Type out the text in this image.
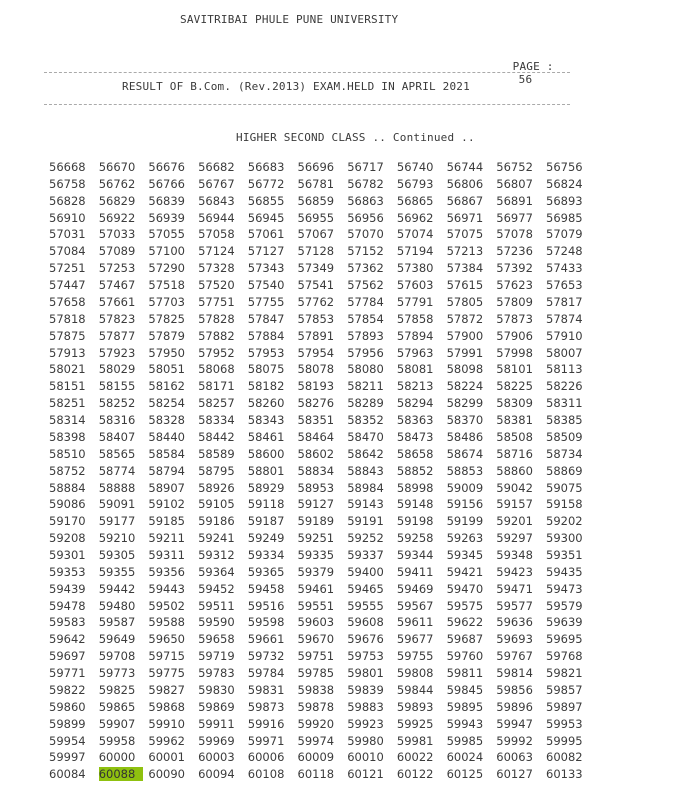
SAVITRIBAI PHULE PUNE UNIVERSITY

PAGE :
56

RESULT OF B.Com. (Rev.2013) EXAM.HELD IN APRIL 2021
HIGHER SECOND CLASS .. Continued ..
56668	56670	56676	56682	56683	56696	56717	56740	56744	56752	56756
56758	56762	56766	56767	56772	56781	56782	56793	56806	56807	56824
56828	56829	56839	56843	56855	56859	56863	56865	56867	56891	56893
56910	56922	56939	56944	56945	56955	56956	56962	56971	56977	56985
57031	57033	57055	57058	57061	57067	57070	57074	57075	57078	57079
57084	57089	57100	57124	57127	57128	57152	57194	57213	57236	57248
57251	57253	57290	57328	57343	57349	57362	57380	57384	57392	57433
57447	57467	57518	57520	57540	57541	57562	57603	57615	57623	57653
57658	57661	57703	57751	57755	57762	57784	57791	57805	57809	57817
57818	57823	57825	57828	57847	57853	57854	57858	57872	57873	57874
57875	57877	57879	57882	57884	57891	57893	57894	57900	57906	57910
57913	57923	57950	57952	57953	57954	57956	57963	57991	57998	58007
58021	58029	58051	58068	58075	58078	58080	58081	58098	58101	58113
58151	58155	58162	58171	58182	58193	58211	58213	58224	58225	58226
58251	58252	58254	58257	58260	58276	58289	58294	58299	58309	58311
58314	58316	58328	58334	58343	58351	58352	58363	58370	58381	58385
58398	58407	58440	58442	58461	58464	58470	58473	58486	58508	58509
58510	58565	58584	58589	58600	58602	58642	58658	58674	58716	58734
58752	58774	58794	58795	58801	58834	58843	58852	58853	58860	58869
58884	58888	58907	58926	58929	58953	58984	58998	59009	59042	59075
59086	59091	59102	59105	59118	59127	59143	59148	59156	59157	59158
59170	59177	59185	59186	59187	59189	59191	59198	59199	59201	59202
59208	59210	59211	59241	59249	59251	59252	59258	59263	59297	59300
59301	59305	59311	59312	59334	59335	59337	59344	59345	59348	59351
59353	59355	59356	59364	59365	59379	59400	59411	59421	59423	59435
59439	59442	59443	59452	59458	59461	59465	59469	59470	59471	59473
59478	59480	59502	59511	59516	59551	59555	59567	59575	59577	59579
59583	59587	59588	59590	59598	59603	59608	59611	59622	59636	59639
59642	59649	59650	59658	59661	59670	59676	59677	59687	59693	59695
59697	59708	59715	59719	59732	59751	59753	59755	59760	59767	59768
59771	59773	59775	59783	59784	59785	59801	59808	59811	59814	59821
59822	59825	59827	59830	59831	59838	59839	59844	59845	59856	59857
59860	59865	59868	59869	59873	59878	59883	59893	59895	59896	59897
59899	59907	59910	59911	59916	59920	59923	59925	59943	59947	59953
59954	59958	59962	59969	59971	59974	59980	59981	59985	59992	59995
59997	60000	60001	60003	60006	60009	60010	60022	60024	60063	60082
60084	60088	60090	60094	60108	60118	60121	60122	60125	60127	60133
